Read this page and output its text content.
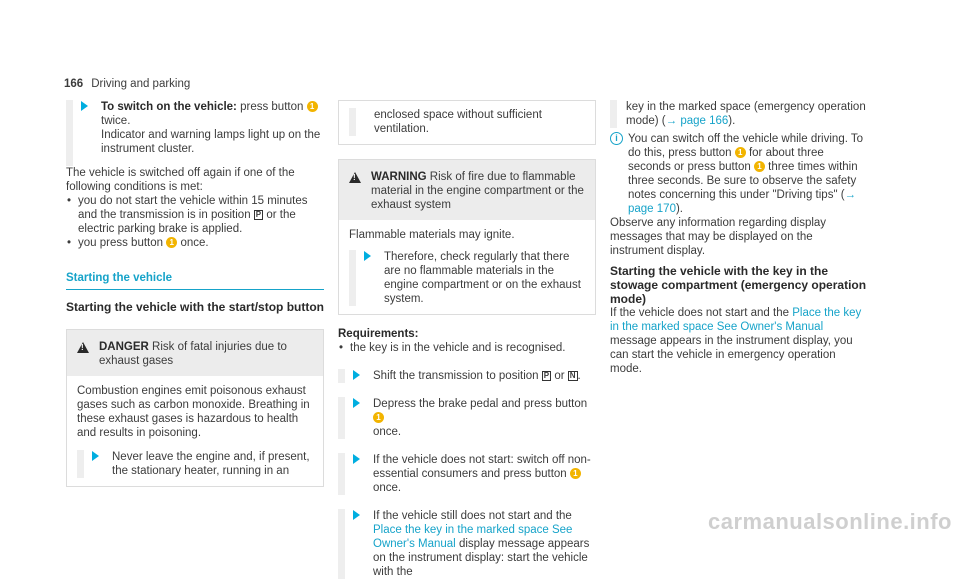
166 Driving and parking
To switch on the vehicle: press button 1
twice.
Indicator and warning lamps light up on the instrument cluster.
The vehicle is switched off again if one of the following conditions is met:
• you do not start the vehicle within 15 minutes and the transmission is in position P or the electric parking brake is applied.
• you press button 1 once.
Starting the vehicle
Starting the vehicle with the start/stop button
!
DANGER Risk of fatal injuries due to exhaust gases
Combustion engines emit poisonous exhaust gases such as carbon monoxide. Breathing in these exhaust gases is hazardous to health and results in poisoning.
Never leave the engine and, if present, the stationary heater, running in an
enclosed space without sufficient ventilation.
!
WARNING Risk of fire due to flammable material in the engine compartment or the exhaust system
Flammable materials may ignite.
Therefore, check regularly that there are no flammable materials in the engine compartment or on the exhaust system.
Requirements:
• the key is in the vehicle and is recognised.
Shift the transmission to position P or N .
Depress the brake pedal and press button 1
once.
If the vehicle does not start: switch off non-essential consumers and press button 1
once.
If the vehicle still does not start and the Place the key in the marked space See Owner's Manual display message appears on the instrument display: start the vehicle with the
key in the marked space (emergency operation mode) (→ page 166).
i You can switch off the vehicle while driving. To do this, press button 1 for about three seconds or press button 1 three times within three seconds. Be sure to observe the safety notes concerning this under "Driving tips" (→ page 170).
Observe any information regarding display messages that may be displayed on the instrument display.
Starting the vehicle with the key in the stowage compartment (emergency operation mode)
If the vehicle does not start and the Place the key in the marked space See Owner's Manual message appears in the instrument display, you can start the vehicle in emergency operation mode.
carmanualsonline.info
